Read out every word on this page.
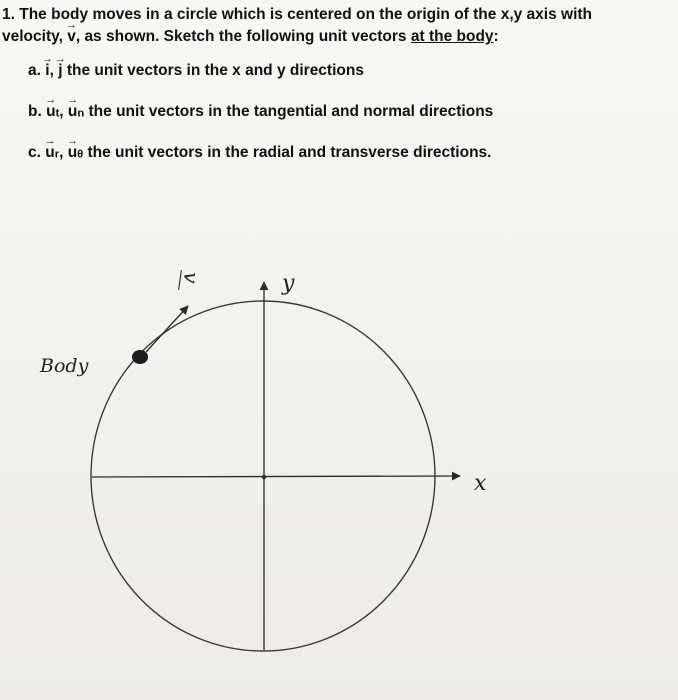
1. The body moves in a circle which is centered on the origin of the x,y axis with

velocity, → v, as shown. Sketch the following unit vectors at the body:

a. → i, → j the unit vectors in the x and y directions
b. → ut, → un the unit vectors in the tangential and normal directions
c. → ur, → uθ the unit vectors in the radial and transverse directions.
Body
x
y
v
